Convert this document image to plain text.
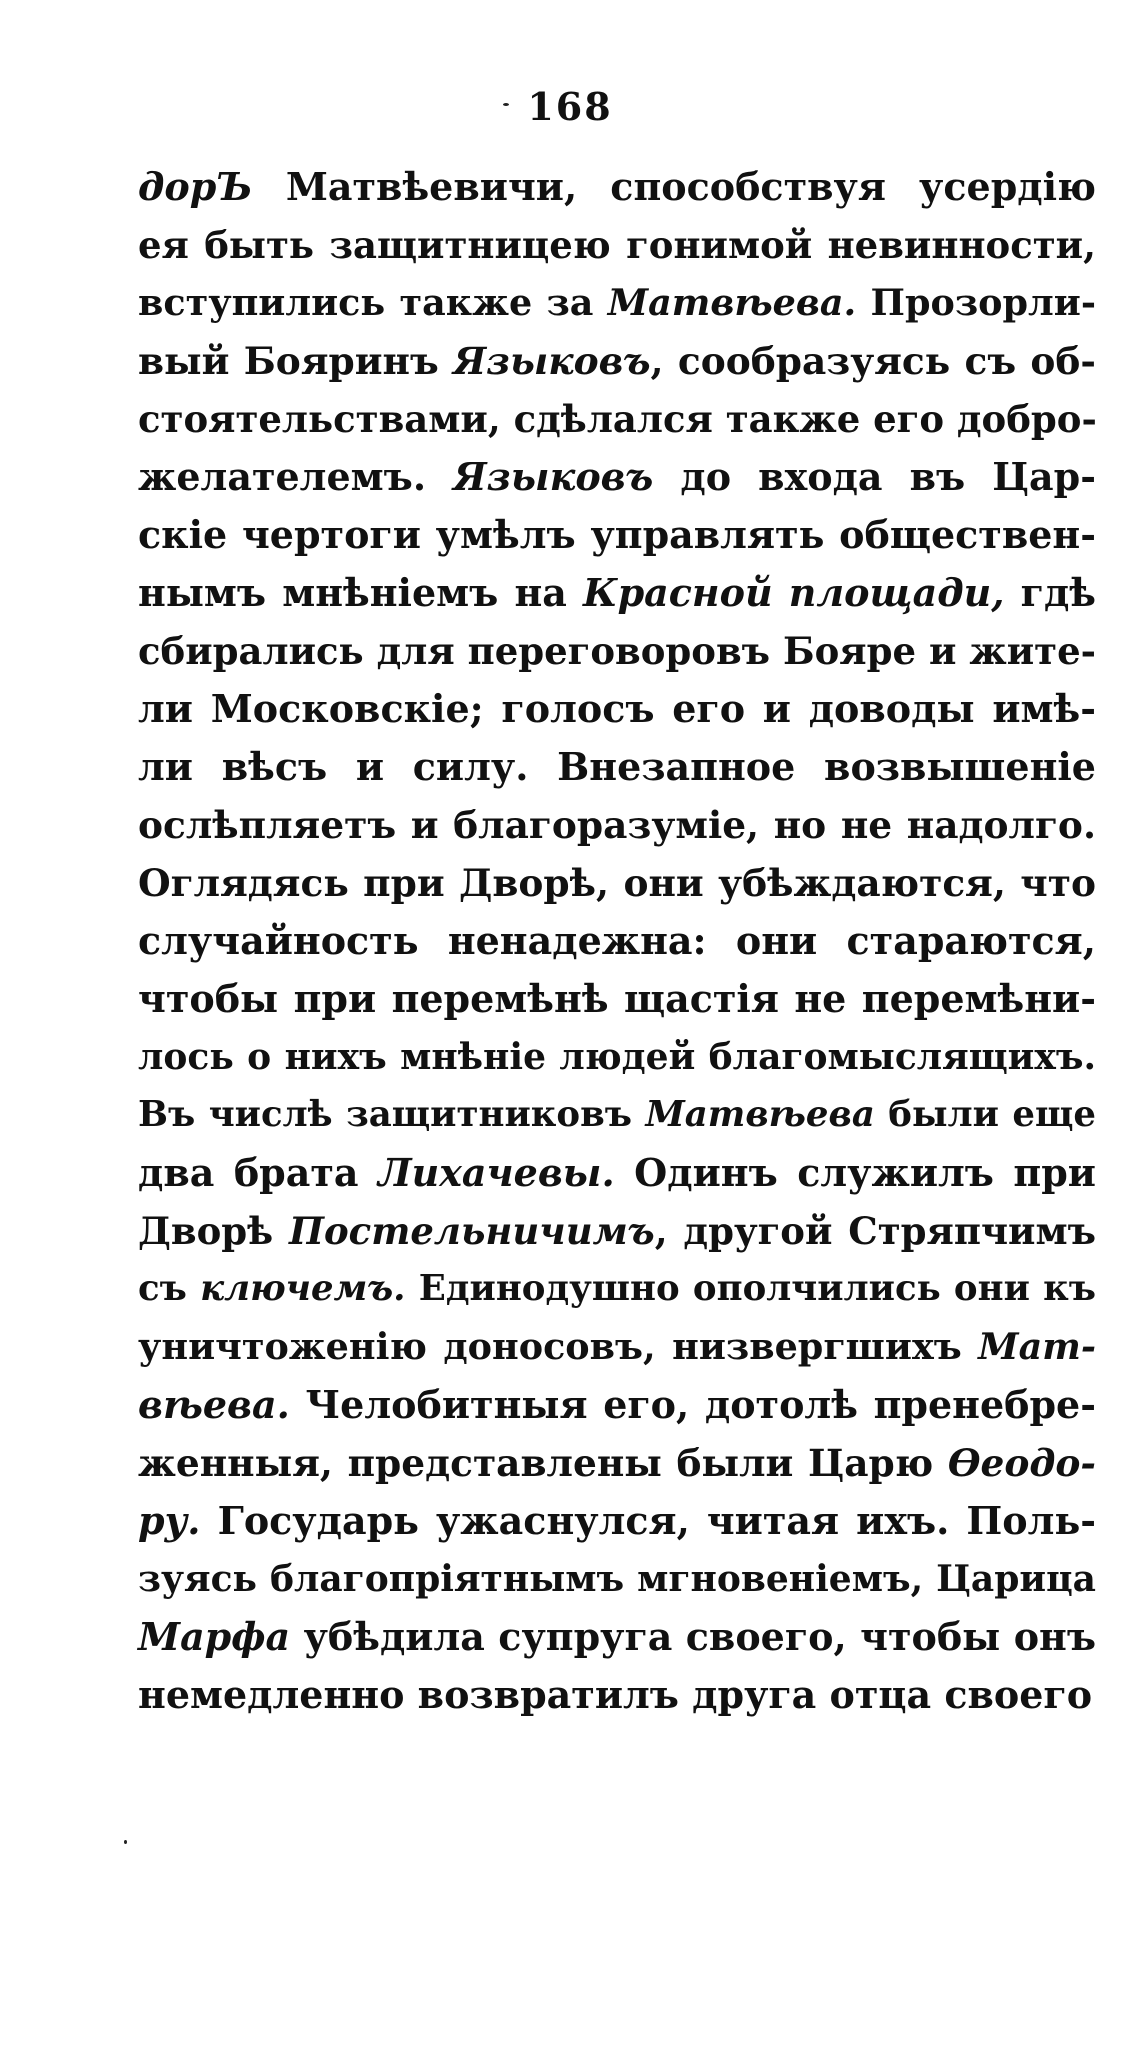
168
дорЪ Матвѣевичи, способствуя усердію
ея быть защитницею гонимой невинности,
вступились также за Матвѣева. Прозорли-
вый Бояринъ Языковъ, сообразуясь съ об-
стоятельствами, сдѣлался также его добро-
желателемъ. Языковъ до входа въ Цар-
скіе чертоги умѣлъ управлять обществен-
нымъ мнѣніемъ на Красной площади, гдѣ
сбирались для переговоровъ Бояре и жите-
ли Московскіе; голосъ его и доводы имѣ-
ли вѣсъ и силу. Внезапное возвышеніе
ослѣпляетъ и благоразуміе, но не надолго.
Оглядясь при Дворѣ, они убѣждаются, что
случайность ненадежна: они стараются,
чтобы при перемѣнѣ щастія не перемѣни-
лось о нихъ мнѣніе людей благомыслящихъ.
Въ числѣ защитниковъ Матвѣева были еще
два брата Лихачевы. Одинъ служилъ при
Дворѣ Постельничимъ, другой Стряпчимъ
съ ключемъ. Единодушно ополчились они къ
уничтоженію доносовъ, низвергшихъ Мат-
вѣева. Челобитныя его, дотолѣ пренебре-
женныя, представлены были Царю Ѳеодо-
ру. Государь ужаснулся, читая ихъ. Поль-
зуясь благопріятнымъ мгновеніемъ, Царица
Марфа убѣдила супруга своего, чтобы онъ
немедленно возвратилъ друга отца своего
